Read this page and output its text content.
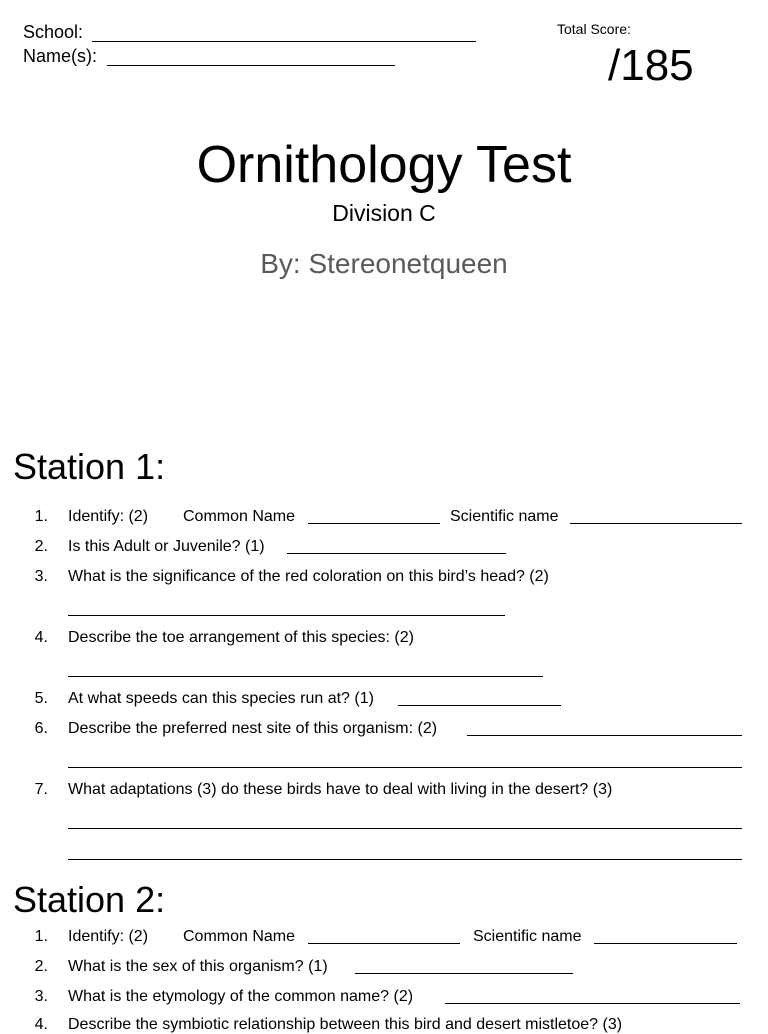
School:
Name(s):
Total Score:
/185
Ornithology Test
Division C
By: Stereonetqueen
Station 1:
1. Identify: (2) Common Name	Scientific name
2. Is this Adult or Juvenile? (1)
3. What is the significance of the red coloration on this bird’s head? (2)
4. Describe the toe arrangement of this species: (2)
5. At what speeds can this species run at? (1)
6. Describe the preferred nest site of this organism: (2)
7. What adaptations (3) do these birds have to deal with living in the desert? (3)
Station 2:
1. Identify: (2) Common Name	Scientific name
2. What is the sex of this organism? (1)
3. What is the etymology of the common name? (2)
4. Describe the symbiotic relationship between this bird and desert mistletoe? (3)
